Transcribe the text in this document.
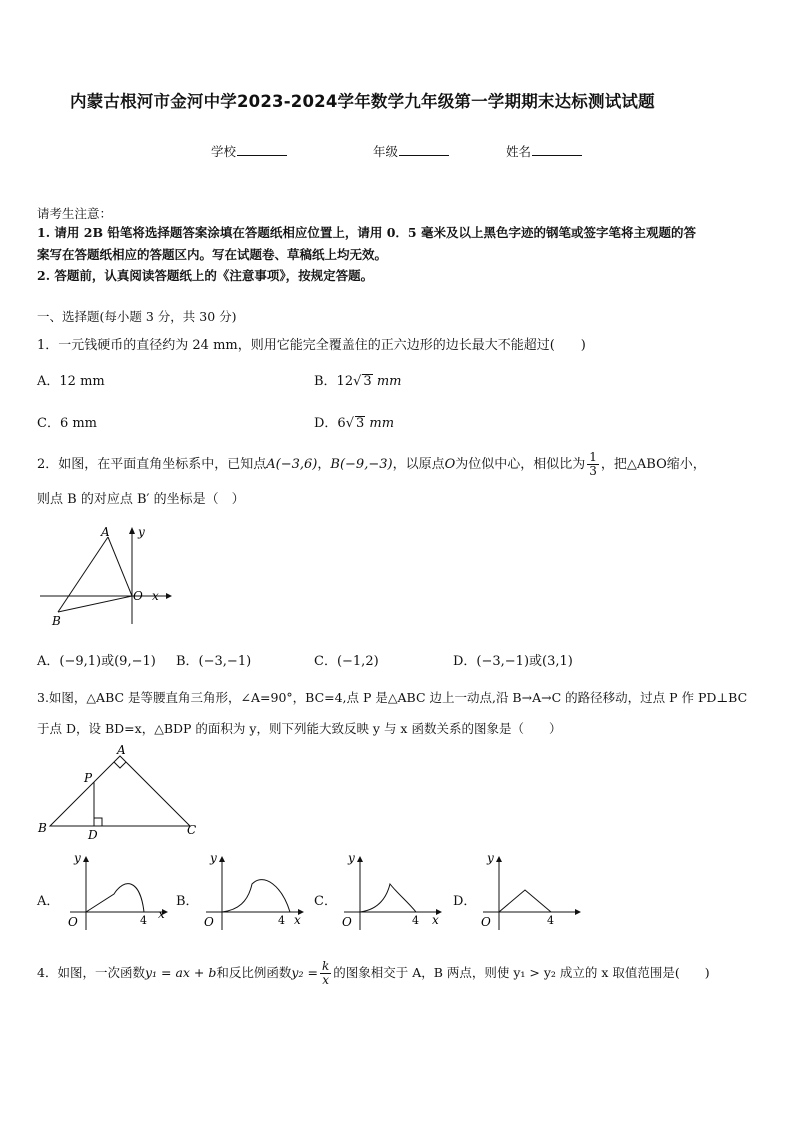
内蒙古根河市金河中学2023-2024学年数学九年级第一学期期末达标测试试题
学校	年级	姓名
请考生注意：
1. 请用 2B 铅笔将选择题答案涂填在答题纸相应位置上，请用 0．5 毫米及以上黑色字迹的钢笔或签字笔将主观题的答
案写在答题纸相应的答题区内。写在试题卷、草稿纸上均无效。
2. 答题前，认真阅读答题纸上的《注意事项》，按规定答题。
一、选择题(每小题 3 分，共 30 分)
1．一元钱硬币的直径约为 24 mm，则用它能完全覆盖住的正六边形的边长最大不能超过(　　)
A．12 mm	B．12√ 3 mm
C．6 mm	D．6√ 3 mm
2．如图，在平面直角坐标系中，已知点A(−3,6)，B(−9,−3)，以原点O为位似中心，相似比为 $\frac{1}{3}$ ，把△ABO缩小，
则点 B 的对应点 B′ 的坐标是（　）
A
B
O x
y
A．(−9,1)或(9,−1) B．(−3,−1)	C．(−1,2)	D．(−3,−1)或(3,1)
3.如图，△ABC 是等腰直角三角形，∠A=90°，BC=4,点 P 是△ABC 边上一动点,沿 B→A→C 的路径移动，过点 P 作 PD⊥BC
于点 D，设 BD=x，△BDP 的面积为 y，则下列能大致反映 y 与 x 函数关系的图象是（　　）
A
B	C
P
D
A．
y
x
O	4
B．
y
x
O	4
C．
y
x
O	4
D．
y
O	4
4．如图，一次函数y₁ = ax + b和反比例函数$y_2 = \frac{k}{x}$ 的图象相交于 A，B 两点，则使 y₁ > y₂ 成立的 x 取值范围是(　　)
